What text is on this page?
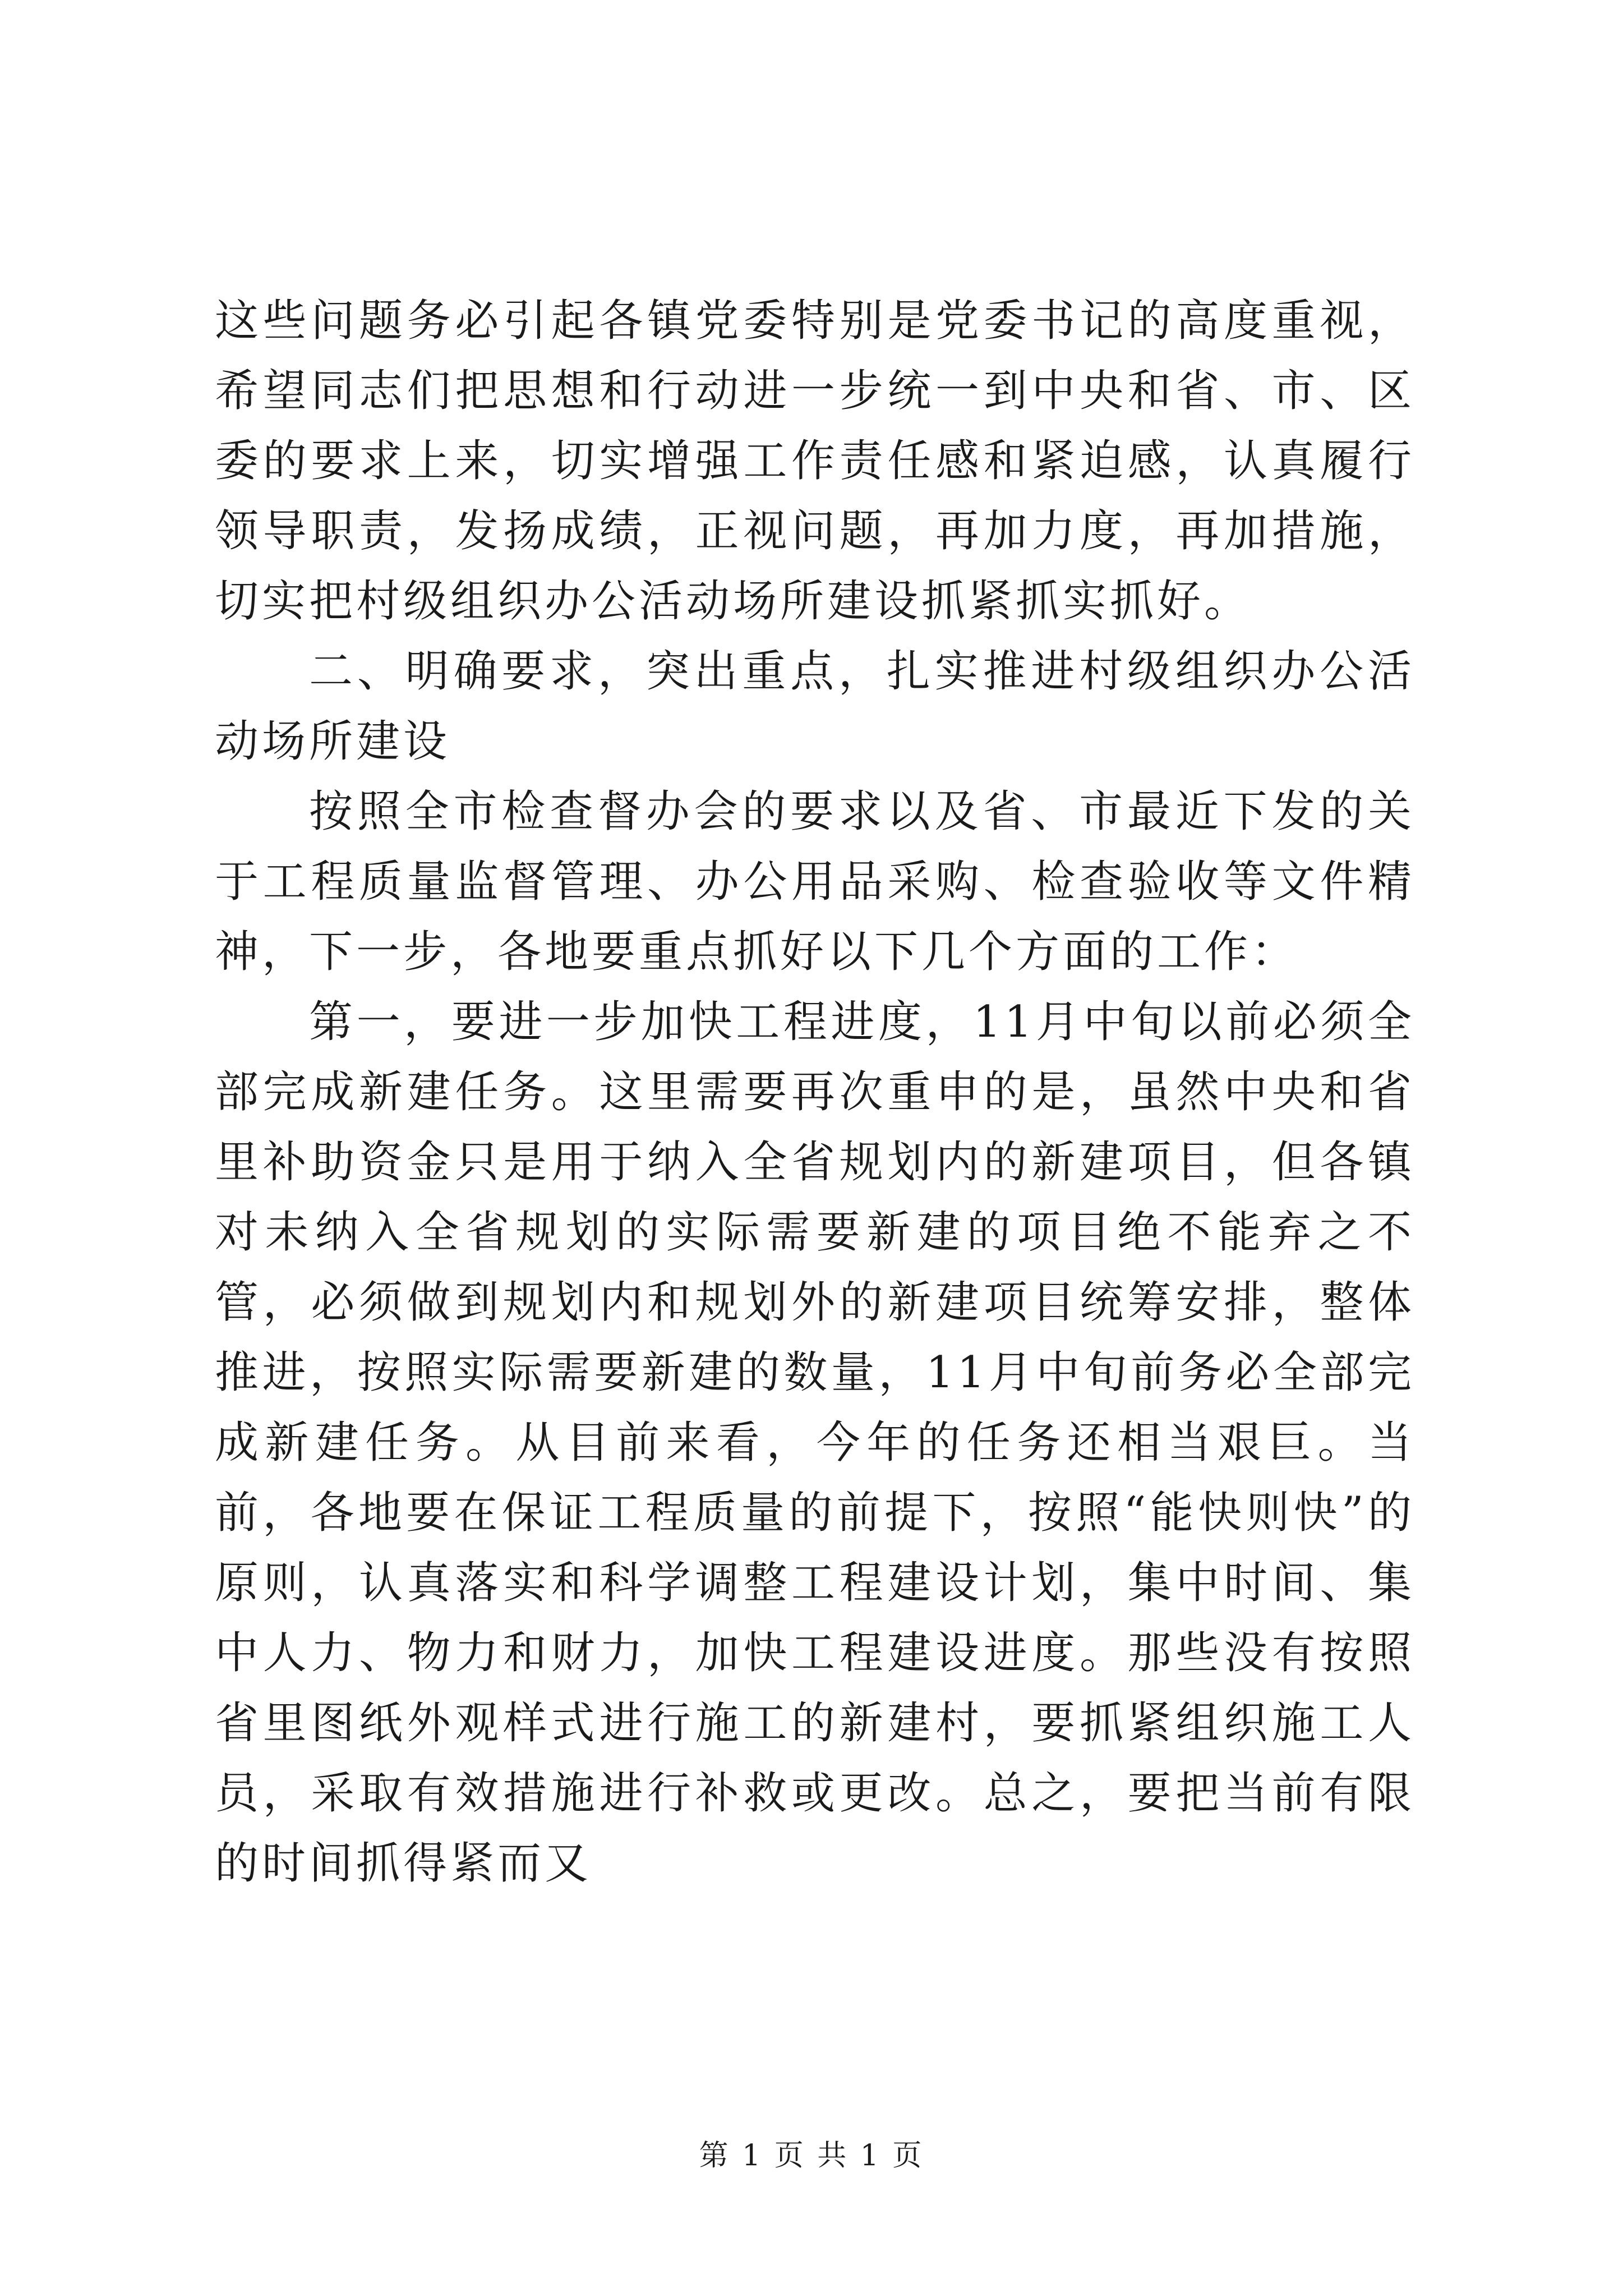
这些问题务必引起各镇党委特别是党委书记的高度重视，希望同志们把思想和行动进一步统一到中央和省、市、区委的要求上来，切实增强工作责任感和紧迫感，认真履行领导职责，发扬成绩，正视问题，再加力度，再加措施，切实把村级组织办公活动场所建设抓紧抓实抓好。

二、明确要求，突出重点，扎实推进村级组织办公活动场所建设

按照全市检查督办会的要求以及省、市最近下发的关于工程质量监督管理、办公用品采购、检查验收等文件精神，下一步，各地要重点抓好以下几个方面的工作：

第一，要进一步加快工程进度，11月中旬以前必须全部完成新建任务。这里需要再次重申的是，虽然中央和省里补助资金只是用于纳入全省规划内的新建项目，但各镇对未纳入全省规划的实际需要新建的项目绝不能弃之不管，必须做到规划内和规划外的新建项目统筹安排，整体推进，按照实际需要新建的数量，11月中旬前务必全部完成新建任务。从目前来看，今年的任务还相当艰巨。当前，各地要在保证工程质量的前提下，按照“能快则快”的原则，认真落实和科学调整工程建设计划，集中时间、集中人力、物力和财力，加快工程建设进度。那些没有按照省里图纸外观样式进行施工的新建村，要抓紧组织施工人员，采取有效措施进行补救或更改。总之，要把当前有限的时间抓得紧而又

第 1 页 共 1 页
